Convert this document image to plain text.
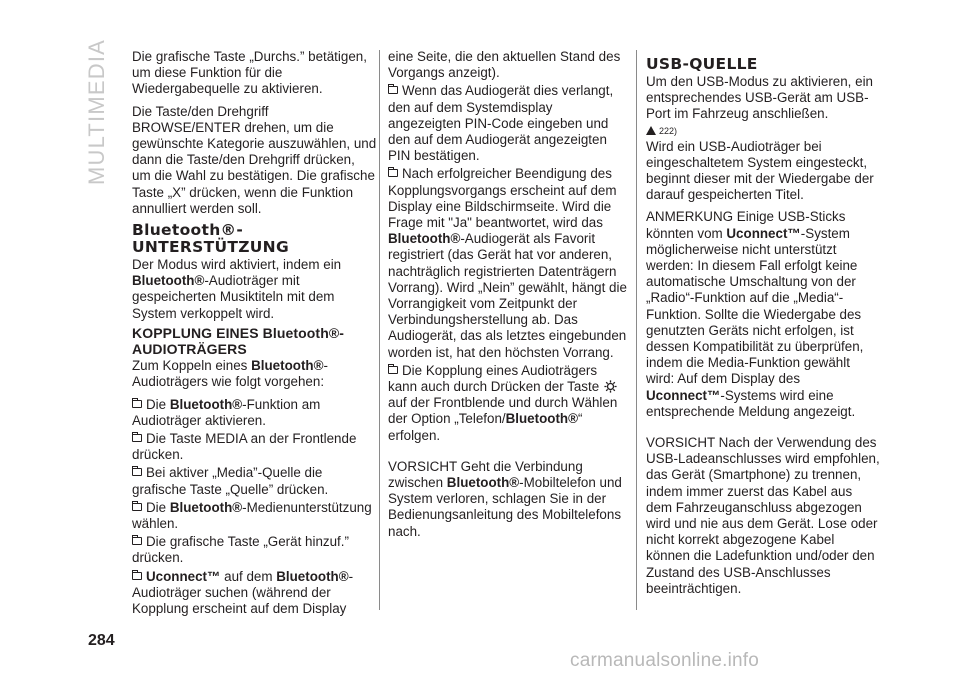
MULTIMEDIA Die grafische Taste „Durchs.” betätigen, um diese Funktion für die Wiedergabequelle zu aktivieren.

Die Taste/den Drehgriff BROWSE/ENTER drehen, um die gewünschte Kategorie auszuwählen, und dann die Taste/den Drehgriff drücken, um die Wahl zu bestätigen. Die grafische Taste „X” drücken, wenn die Funktion annulliert werden soll.

Bluetooth®-
UNTERSTÜTZUNG

Der Modus wird aktiviert, indem ein Bluetooth®-Audioträger mit gespeicherten Musiktiteln mit dem System verkoppelt wird.

KOPPLUNG EINES Bluetooth®-
AUDIOTRÄGERS

Zum Koppeln eines Bluetooth®-Audioträgers wie folgt vorgehen:

Die Bluetooth®-Funktion am Audioträger aktivieren.

Die Taste MEDIA an der Frontlende drücken.

Bei aktiver „Media”-Quelle die grafische Taste „Quelle” drücken.

Die Bluetooth®-Medienunterstützung wählen.

Die grafische Taste „Gerät hinzuf.” drücken.

Uconnect™ auf dem Bluetooth®-Audioträger suchen (während der Kopplung erscheint auf dem Display

eine Seite, die den aktuellen Stand des Vorgangs anzeigt).

Wenn das Audiogerät dies verlangt, den auf dem Systemdisplay angezeigten PIN-Code eingeben und den auf dem Audiogerät angezeigten PIN bestätigen.

Nach erfolgreicher Beendigung des Kopplungsvorgangs erscheint auf dem Display eine Bildschirmseite. Wird die Frage mit "Ja" beantwortet, wird das Bluetooth®-Audiogerät als Favorit registriert (das Gerät hat vor anderen, nachträglich registrierten Datenträgern Vorrang). Wird „Nein” gewählt, hängt die Vorrangigkeit vom Zeitpunkt der Verbindungsherstellung ab. Das Audiogerät, das als letztes eingebunden worden ist, hat den höchsten Vorrang.

Die Kopplung eines Audioträgers kann auch durch Drücken der Taste  auf der Frontblende und durch Wählen der Option „Telefon/Bluetooth®“ erfolgen.

VORSICHT Geht die Verbindung zwischen Bluetooth®-Mobiltelefon und System verloren, schlagen Sie in der Bedienungsanleitung des Mobiltelefons nach.

USB-QUELLE

Um den USB-Modus zu aktivieren, ein entsprechendes USB-Gerät am USB-Port im Fahrzeug anschließen.

222)

Wird ein USB-Audioträger bei eingeschaltetem System eingesteckt, beginnt dieser mit der Wiedergabe der darauf gespeicherten Titel.

ANMERKUNG Einige USB-Sticks könnten vom Uconnect™-System möglicherweise nicht unterstützt werden: In diesem Fall erfolgt keine automatische Umschaltung von der „Radio“-Funktion auf die „Media“-Funktion. Sollte die Wiedergabe des genutzten Geräts nicht erfolgen, ist dessen Kompatibilität zu überprüfen, indem die Media-Funktion gewählt wird: Auf dem Display des Uconnect™-Systems wird eine entsprechende Meldung angezeigt.

VORSICHT Nach der Verwendung des USB-Ladeanschlusses wird empfohlen, das Gerät (Smartphone) zu trennen, indem immer zuerst das Kabel aus dem Fahrzeuganschluss abgezogen wird und nie aus dem Gerät. Lose oder nicht korrekt abgezogene Kabel können die Ladefunktion und/oder den Zustand des USB-Anschlusses beeinträchtigen.

284
carmanualsonline.info
